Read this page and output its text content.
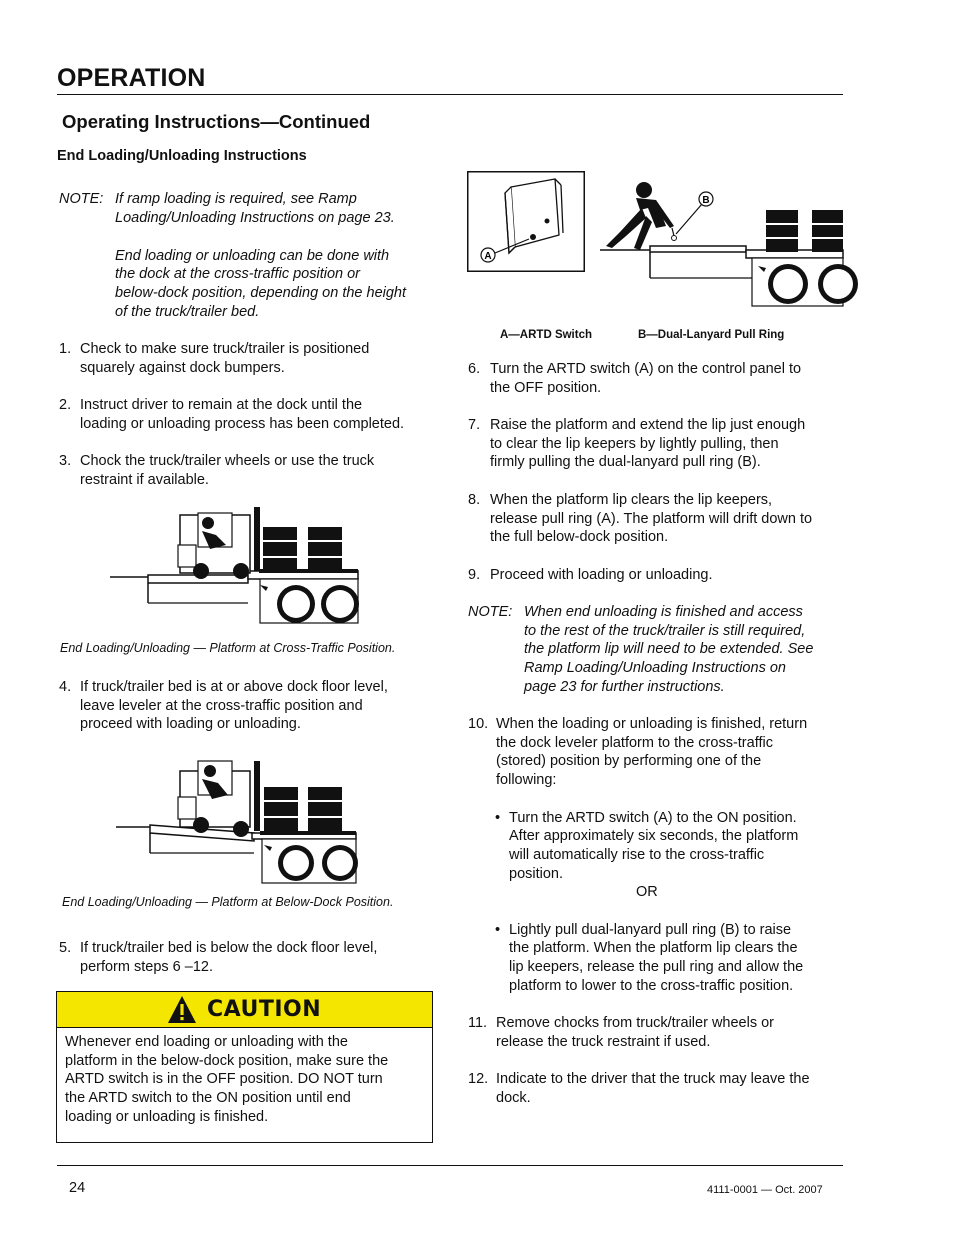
OPERATION
Operating Instructions—Continued
End Loading/Unloading Instructions
NOTE: If ramp loading is required, see Ramp
Loading/Unloading Instructions on page 23.
End loading or unloading can be done with
the dock at the cross-traffic position or
below-dock position, depending on the height
of the truck/trailer bed.
1. Check to make sure truck/trailer is positioned
squarely against dock bumpers.
2. Instruct driver to remain at the dock until the
loading or unloading process has been completed.
3. Chock the truck/trailer wheels or use the truck
restraint if available.
End Loading/Unloading — Platform at Cross-Traffic Position.
4. If truck/trailer bed is at or above dock floor level,
leave leveler at the cross-traffic position and
proceed with loading or unloading.
End Loading/Unloading — Platform at Below-Dock Position.
5. If truck/trailer bed is below the dock floor level,
perform steps 6 –12.
CAUTION
Whenever end loading or unloading with the
platform in the below-dock position, make sure the
ARTD switch is in the OFF position. DO NOT turn
the ARTD switch to the ON position until end
loading or unloading is finished.
A
B
A—ARTD Switch	B—Dual-Lanyard Pull Ring
6. Turn the ARTD switch (A) on the control panel to
the OFF position.
7. Raise the platform and extend the lip just enough
to clear the lip keepers by lightly pulling, then
firmly pulling the dual-lanyard pull ring (B).
8. When the platform lip clears the lip keepers,
release pull ring (A). The platform will drift down to
the full below-dock position.
9. Proceed with loading or unloading.
NOTE: When end unloading is finished and access
to the rest of the truck/trailer is still required,
the platform lip will need to be extended. See
Ramp Loading/Unloading Instructions on
page 23 for further instructions.
10. When the loading or unloading is finished, return
the dock leveler platform to the cross-traffic
(stored) position by performing one of the
following:
• Turn the ARTD switch (A) to the ON position.
After approximately six seconds, the platform
will automatically rise to the cross-traffic
position.
OR
• Lightly pull dual-lanyard pull ring (B) to raise
the platform. When the platform lip clears the
lip keepers, release the pull ring and allow the
platform to lower to the cross-traffic position.
11. Remove chocks from truck/trailer wheels or
release the truck restraint if used.
12. Indicate to the driver that the truck may leave the
dock.
24	4111-0001 — Oct. 2007
